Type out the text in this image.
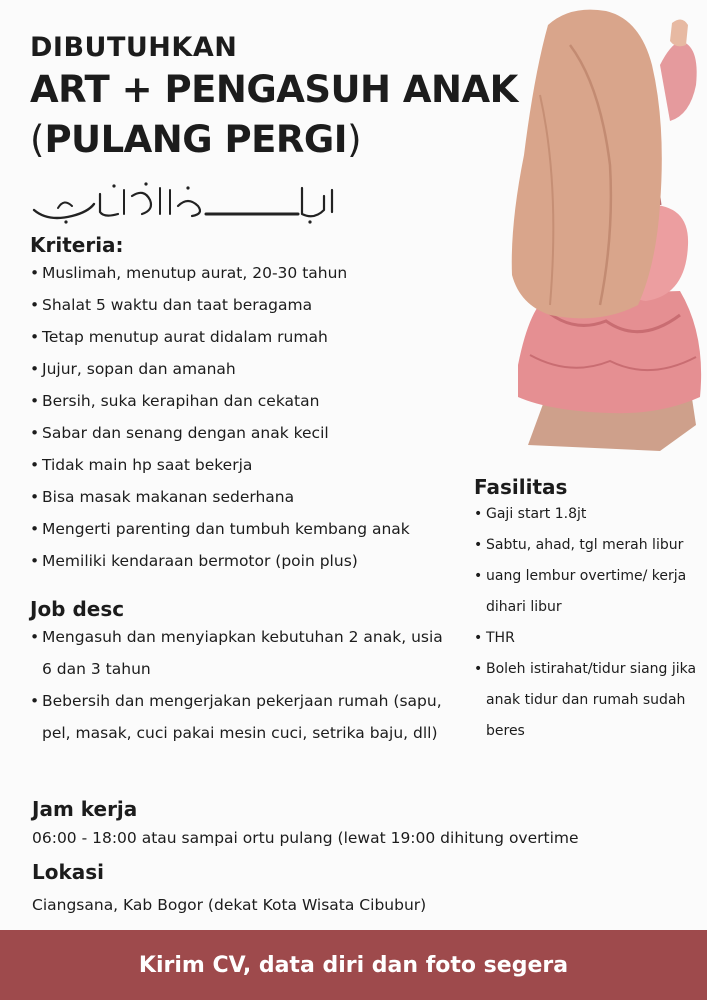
DIBUTUHKAN
ART + PENGASUH ANAK
(PULANG PERGI)
Kriteria:
• Muslimah, menutup aurat, 20-30 tahun
• Shalat 5 waktu dan taat beragama
• Tetap menutup aurat didalam rumah
• Jujur, sopan dan amanah
• Bersih, suka kerapihan dan cekatan
• Sabar dan senang dengan anak kecil
• Tidak main hp saat bekerja
• Bisa masak makanan sederhana
• Mengerti parenting dan tumbuh kembang anak
• Memiliki kendaraan bermotor (poin plus)
Job desc
• Mengasuh dan menyiapkan kebutuhan 2 anak, usia 6 dan 3 tahun
• Bebersih dan mengerjakan pekerjaan rumah (sapu, pel, masak, cuci pakai mesin cuci, setrika baju, dll)
Fasilitas
• Gaji start 1.8jt
• Sabtu, ahad, tgl merah libur
• uang lembur overtime/ kerja dihari libur
• THR
• Boleh istirahat/tidur siang jika anak tidur dan rumah sudah beres
Jam kerja
06:00 - 18:00 atau sampai ortu pulang (lewat 19:00 dihitung overtime
Lokasi
Ciangsana, Kab Bogor (dekat Kota Wisata Cibubur)
Kirim CV, data diri dan foto segera
